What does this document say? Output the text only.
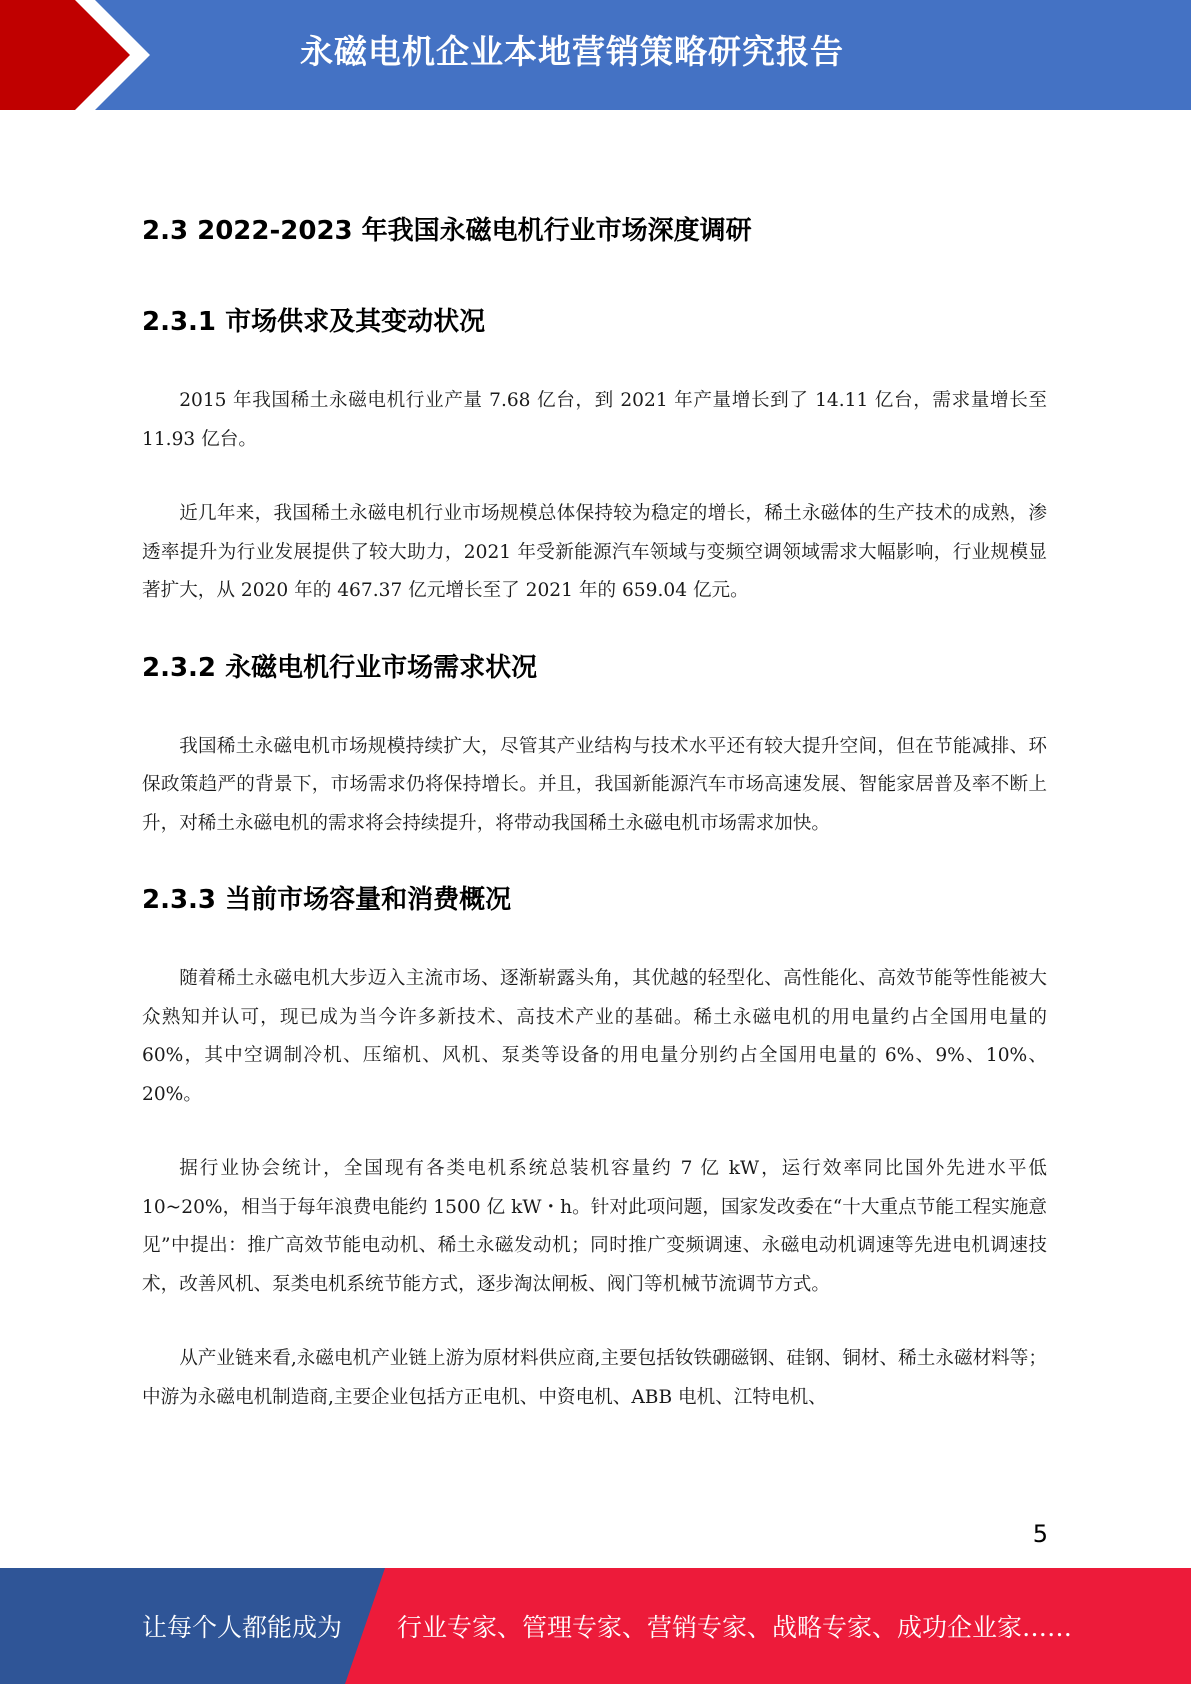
永磁电机企业本地营销策略研究报告
2.3 2022-2023 年我国永磁电机行业市场深度调研
2.3.1 市场供求及其变动状况

2015 年我国稀土永磁电机行业产量 7.68 亿台，到 2021 年产量增长到了 14.11 亿台，需求量增长至 11.93 亿台。

近几年来，我国稀土永磁电机行业市场规模总体保持较为稳定的增长，稀土永磁体的生产技术的成熟，渗透率提升为行业发展提供了较大助力，2021 年受新能源汽车领域与变频空调领域需求大幅影响，行业规模显著扩大，从 2020 年的 467.37 亿元增长至了 2021 年的 659.04 亿元。

2.3.2 永磁电机行业市场需求状况

我国稀土永磁电机市场规模持续扩大，尽管其产业结构与技术水平还有较大提升空间，但在节能减排、环保政策趋严的背景下，市场需求仍将保持增长。并且，我国新能源汽车市场高速发展、智能家居普及率不断上升，对稀土永磁电机的需求将会持续提升，将带动我国稀土永磁电机市场需求加快。

2.3.3 当前市场容量和消费概况

随着稀土永磁电机大步迈入主流市场、逐渐崭露头角，其优越的轻型化、高性能化、高效节能等性能被大众熟知并认可，现已成为当今许多新技术、高技术产业的基础。稀土永磁电机的用电量约占全国用电量的 60%，其中空调制冷机、压缩机、风机、泵类等设备的用电量分别约占全国用电量的 6%、9%、10%、20%。

据行业协会统计，全国现有各类电机系统总装机容量约 7 亿 kW，运行效率同比国外先进水平低 10~20%，相当于每年浪费电能约 1500 亿 kW・h。针对此项问题，国家发改委在“十大重点节能工程实施意见”中提出：推广高效节能电动机、稀土永磁发动机；同时推广变频调速、永磁电动机调速等先进电机调速技术，改善风机、泵类电机系统节能方式，逐步淘汰闸板、阀门等机械节流调节方式。

从产业链来看,永磁电机产业链上游为原材料供应商,主要包括钕铁硼磁钢、硅钢、铜材、稀土永磁材料等；中游为永磁电机制造商,主要企业包括方正电机、中资电机、ABB 电机、江特电机、

5
让每个人都能成为 行业专家、管理专家、营销专家、战略专家、成功企业家……
